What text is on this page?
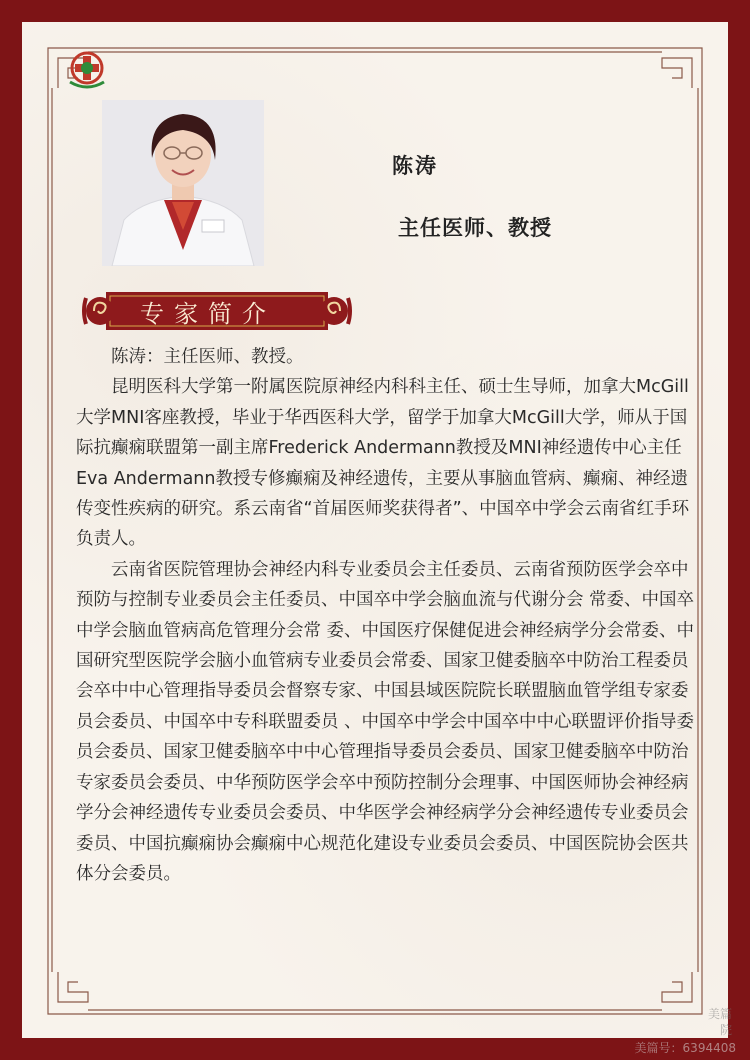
陈涛
主任医师、教授
专家简介

陈涛：主任医师、教授。

昆明医科大学第一附属医院原神经内科科主任、硕士生导师，加拿大McGill大学MNI客座教授，毕业于华西医科大学，留学于加拿大McGill大学，师从于国际抗癫痫联盟第一副主席Frederick Andermann教授及MNI神经遗传中心主任 Eva Andermann教授专修癫痫及神经遗传，主要从事脑血管病、癫痫、神经遗传变性疾病的研究。系云南省“首届医师奖获得者”、中国卒中学会云南省红手环负责人。

云南省医院管理协会神经内科专业委员会主任委员、云南省预防医学会卒中预防与控制专业委员会主任委员、中国卒中学会脑血流与代谢分会 常委、中国卒中学会脑血管病高危管理分会常 委、中国医疗保健促进会神经病学分会常委、中国研究型医院学会脑小血管病专业委员会常委、国家卫健委脑卒中防治工程委员会卒中中心管理指导委员会督察专家、中国县域医院院长联盟脑血管学组专家委员会委员、中国卒中专科联盟委员 、中国卒中学会中国卒中中心联盟评价指导委员会委员、国家卫健委脑卒中中心管理指导委员会委员、国家卫健委脑卒中防治专家委员会委员、中华预防医学会卒中预防控制分会理事、中国医师协会神经病学分会神经遗传专业委员会委员、中华医学会神经病学分会神经遗传专业委员会委员、中国抗癫痫协会癫痫中心规范化建设专业委员会委员、中国医院协会医共体分会委员。

美篇
院
美篇号：6394408
